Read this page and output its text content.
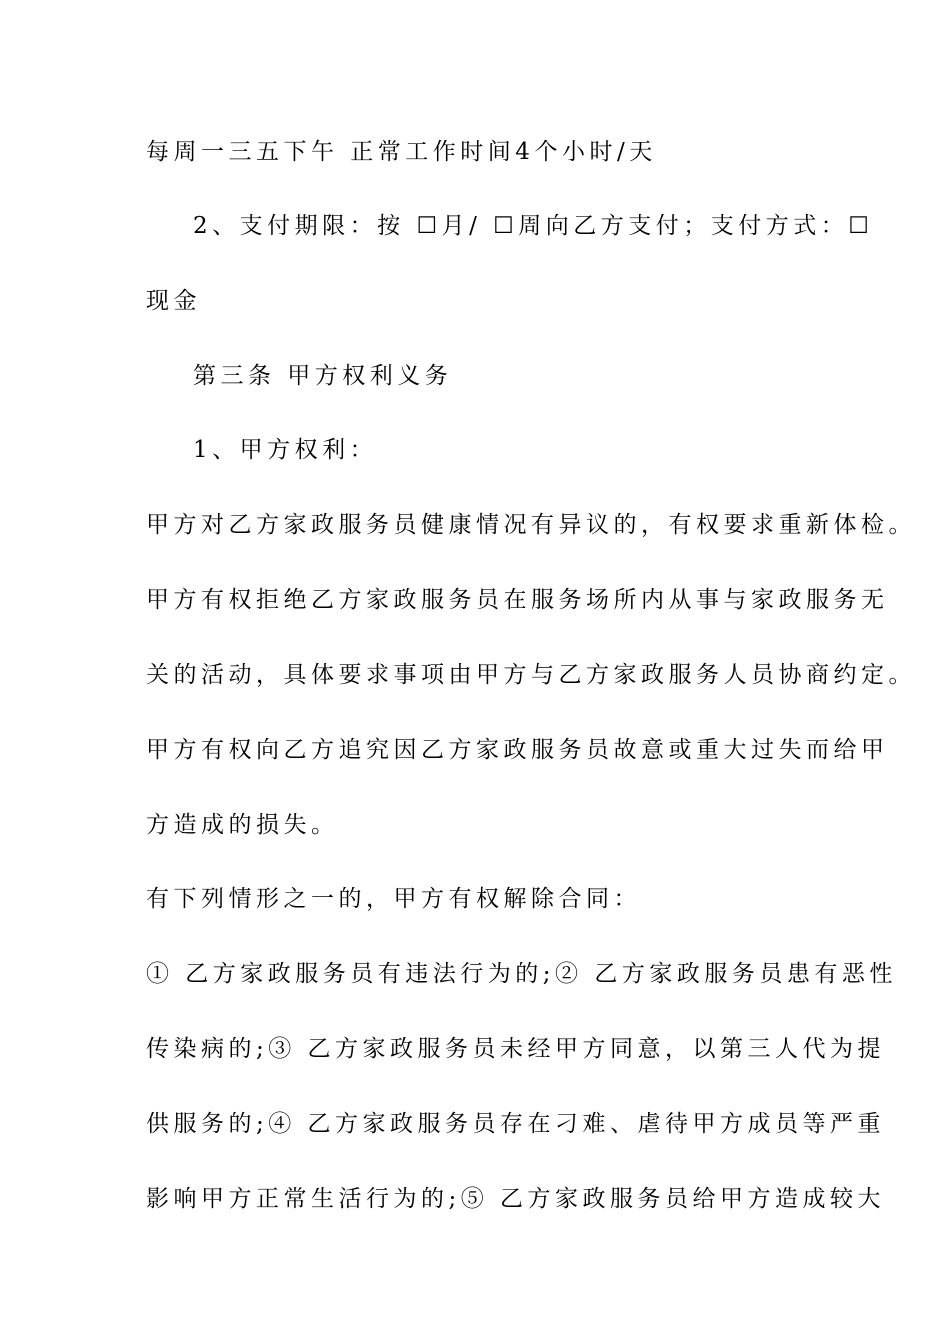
每周一三五下午 正常工作时间4个小时/天
2、支付期限：按 ☐月/ ☐周向乙方支付；支付方式：☐
现金
第三条 甲方权利义务
1、甲方权利：
甲方对乙方家政服务员健康情况有异议的，有权要求重新体检。
甲方有权拒绝乙方家政服务员在服务场所内从事与家政服务无
关的活动，具体要求事项由甲方与乙方家政服务人员协商约定。
甲方有权向乙方追究因乙方家政服务员故意或重大过失而给甲
方造成的损失。
有下列情形之一的，甲方有权解除合同：
① 乙方家政服务员有违法行为的;② 乙方家政服务员患有恶性
传染病的;③ 乙方家政服务员未经甲方同意，以第三人代为提
供服务的;④ 乙方家政服务员存在刁难、虐待甲方成员等严重
影响甲方正常生活行为的;⑤ 乙方家政服务员给甲方造成较大
